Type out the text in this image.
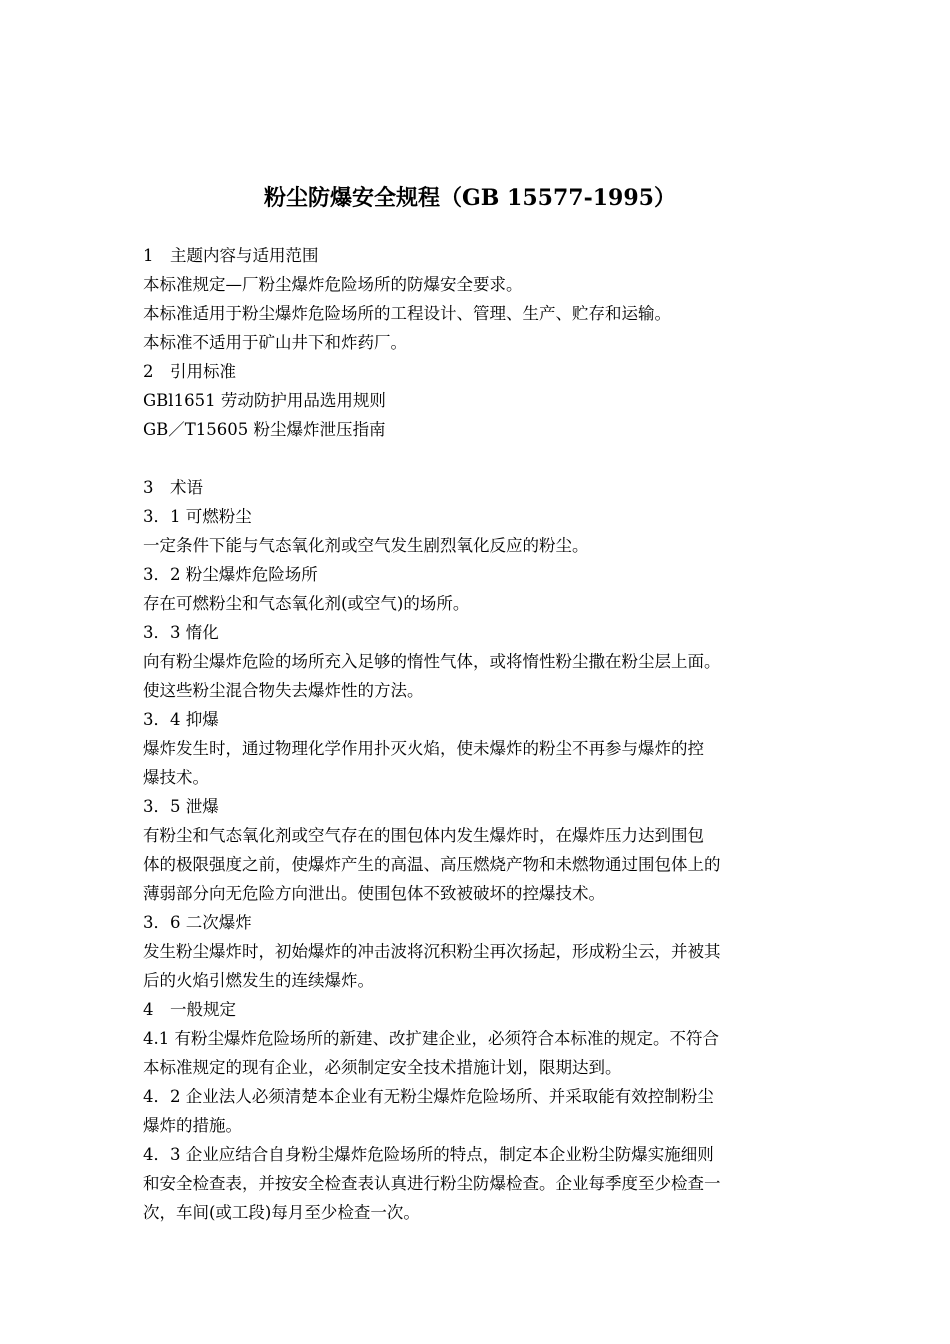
粉尘防爆安全规程（GB 15577-1995）
1　主题内容与适用范围
本标准规定—厂粉尘爆炸危险场所的防爆安全要求。
本标准适用于粉尘爆炸危险场所的工程设计、管理、生产、贮存和运输。
本标准不适用于矿山井下和炸药厂。
2　引用标准
GBl1651 劳动防护用品选用规则
GB／T15605 粉尘爆炸泄压指南
3　术语
3．1 可燃粉尘
一定条件下能与气态氧化剂或空气发生剧烈氧化反应的粉尘。
3．2 粉尘爆炸危险场所
存在可燃粉尘和气态氧化剂(或空气)的场所。
3．3 惰化
向有粉尘爆炸危险的场所充入足够的惰性气体，或将惰性粉尘撒在粉尘层上面。
使这些粉尘混合物失去爆炸性的方法。
3．4 抑爆
爆炸发生时，通过物理化学作用扑灭火焰，使未爆炸的粉尘不再参与爆炸的控
爆技术。
3．5 泄爆
有粉尘和气态氧化剂或空气存在的围包体内发生爆炸时，在爆炸压力达到围包
体的极限强度之前，使爆炸产生的高温、高压燃烧产物和未燃物通过围包体上的
薄弱部分向无危险方向泄出。使围包体不致被破坏的控爆技术。
3．6 二次爆炸
发生粉尘爆炸时，初始爆炸的冲击波将沉积粉尘再次扬起，形成粉尘云，并被其
后的火焰引燃发生的连续爆炸。
4　一般规定
4.1 有粉尘爆炸危险场所的新建、改扩建企业，必须符合本标准的规定。不符合
本标准规定的现有企业，必须制定安全技术措施计划，限期达到。
4．2 企业法人必须清楚本企业有无粉尘爆炸危险场所、并采取能有效控制粉尘
爆炸的措施。
4．3 企业应结合自身粉尘爆炸危险场所的特点，制定本企业粉尘防爆实施细则
和安全检查表，并按安全检查表认真进行粉尘防爆检查。企业每季度至少检查一
次，车间(或工段)每月至少检查一次。
